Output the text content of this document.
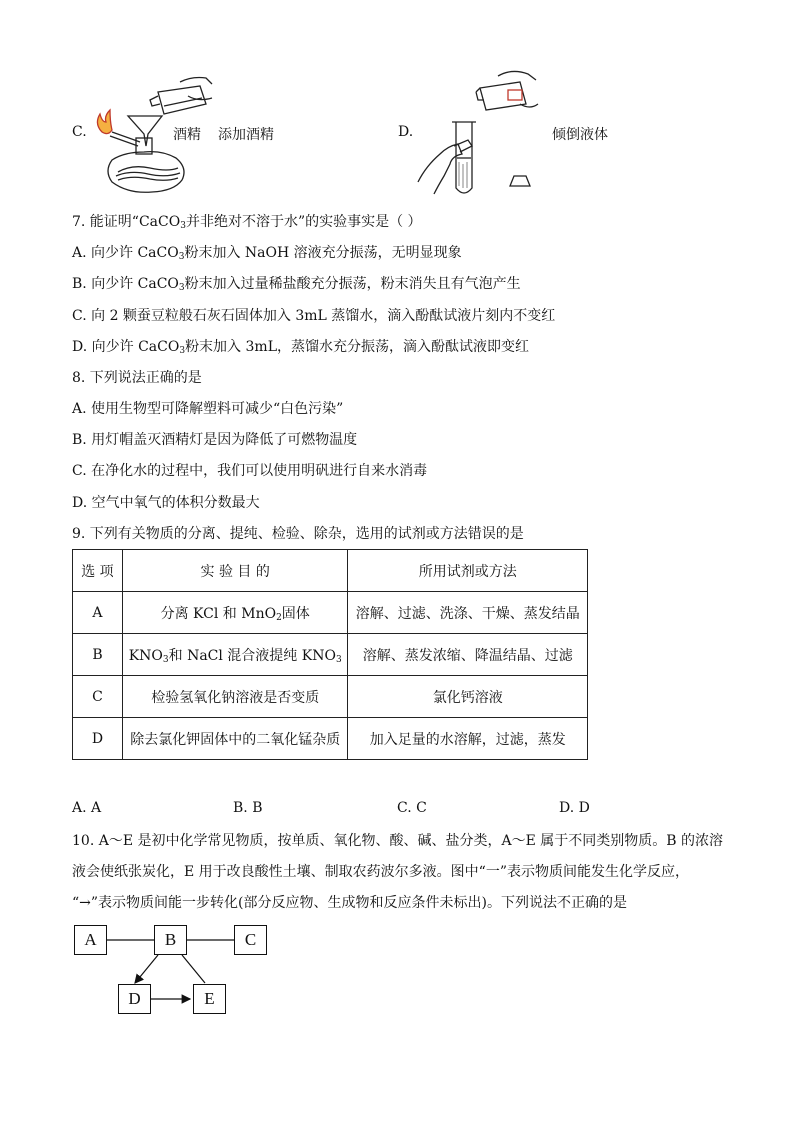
C.	酒精 添加酒精	D.	倾倒液体
7. 能证明“CaCO$_3$并非绝对不溶于水”的实验事实是（ ）
A. 向少许 CaCO$_3$粉末加入 NaOH 溶液充分振荡，无明显现象
B. 向少许 CaCO$_3$粉末加入过量稀盐酸充分振荡，粉末消失且有气泡产生
C. 向 2 颗蚕豆粒般石灰石固体加入 3mL 蒸馏水，滴入酚酞试液片刻内不变红
D. 向少许 CaCO$_3$粉末加入 3mL，蒸馏水充分振荡，滴入酚酞试液即变红
8. 下列说法正确的是
A. 使用生物型可降解塑料可减少“白色污染”
B. 用灯帽盖灭酒精灯是因为降低了可燃物温度
C. 在净化水的过程中，我们可以使用明矾进行自来水消毒
D. 空气中氧气的体积分数最大
9. 下列有关物质的分离、提纯、检验、除杂，选用的试剂或方法错误的是
选 项	实 验 目 的	所用试剂或方法
A	分离 KCl 和 MnO$_2$固体	溶解、过滤、洗涤、干燥、蒸发结晶
B	$KNO_3$和 NaCl 混合液提纯 $KNO_3$	溶解、蒸发浓缩、降温结晶、过滤
C	检验氢氧化钠溶液是否变质	氯化钙溶液
D	除去氯化钾固体中的二氧化锰杂质	加入足量的水溶解，过滤，蒸发
A. A	B. B	C. C	D. D
10. A～E 是初中化学常见物质，按单质、氧化物、酸、碱、盐分类，A～E 属于不同类别物质。B 的浓溶
液会使纸张炭化，E 用于改良酸性土壤、制取农药波尔多液。图中“一”表示物质间能发生化学反应，
“→”表示物质间能一步转化(部分反应物、生成物和反应条件未标出)。下列说法不正确的是
A	B	C
D	E
